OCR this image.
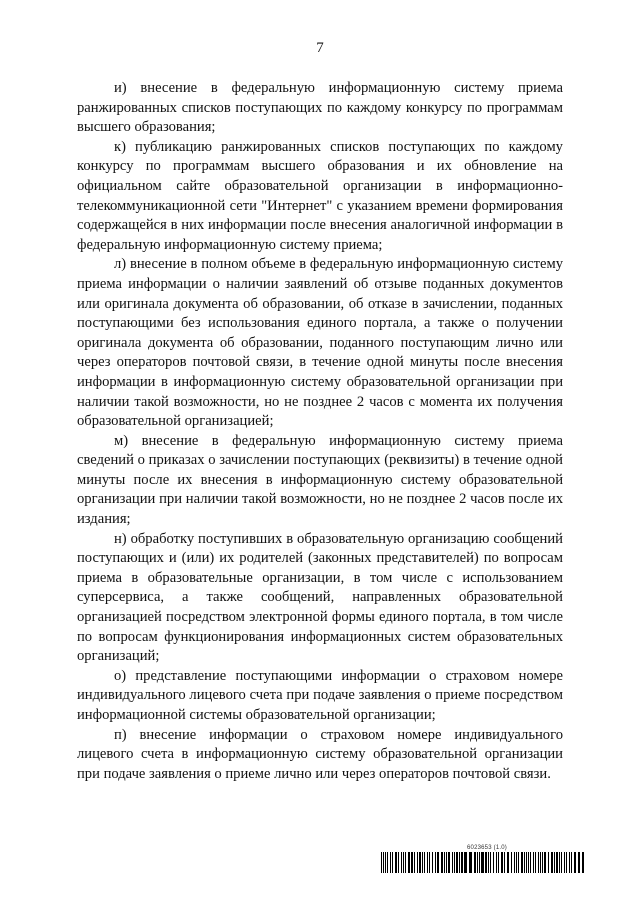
7

и) внесение в федеральную информационную систему приема ранжированных списков поступающих по каждому конкурсу по программам высшего образования;

к) публикацию ранжированных списков поступающих по каждому конкурсу по программам высшего образования и их обновление на официальном сайте образовательной организации в информационно-телекоммуникационной сети "Интернет" с указанием времени формирования содержащейся в них информации после внесения аналогичной информации в федеральную информационную систему приема;

л) внесение в полном объеме в федеральную информационную систему приема информации о наличии заявлений об отзыве поданных документов или оригинала документа об образовании, об отказе в зачислении, поданных поступающими без использования единого портала, а также о получении оригинала документа об образовании, поданного поступающим лично или через операторов почтовой связи, в течение одной минуты после внесения информации в информационную систему образовательной организации при наличии такой возможности, но не позднее 2 часов с момента их получения образовательной организацией;

м) внесение в федеральную информационную систему приема сведений о приказах о зачислении поступающих (реквизиты) в течение одной минуты после их внесения в информационную систему образовательной организации при наличии такой возможности, но не позднее 2 часов после их издания;

н) обработку поступивших в образовательную организацию сообщений поступающих и (или) их родителей (законных представителей) по вопросам приема в образовательные организации, в том числе с использованием суперсервиса, а также сообщений, направленных образовательной организацией посредством электронной формы единого портала, в том числе по вопросам функционирования информационных систем образовательных организаций;

о) представление поступающими информации о страховом номере индивидуального лицевого счета при подаче заявления о приеме посредством информационной системы образовательной организации;

п) внесение информации о страховом номере индивидуального лицевого счета в информационную систему образовательной организации при подаче заявления о приеме лично или через операторов почтовой связи.

6023653 (1.0)
